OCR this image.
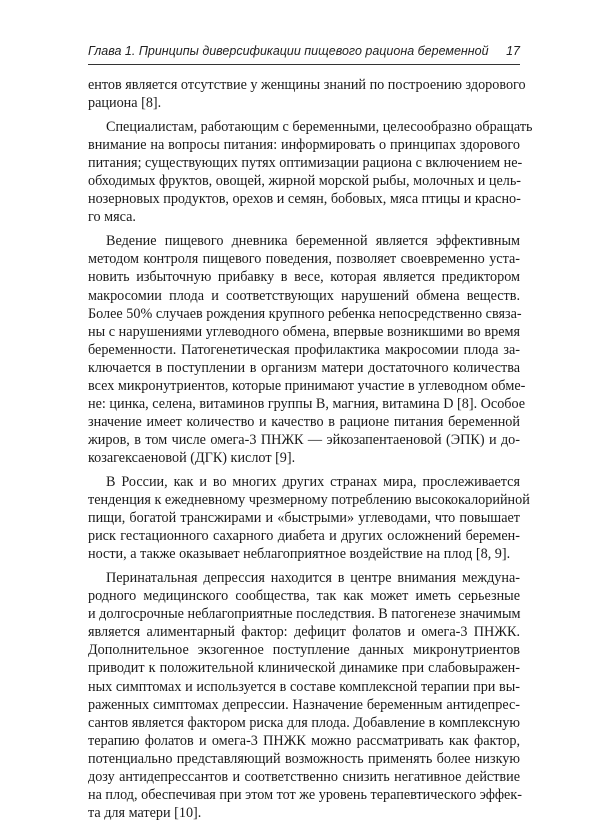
Глава 1. Принципы диверсификации пищевого рациона беременной 17
ентов является отсутствие у женщины знаний по построению здорового
рациона [8].
Специалистам, работающим с беременными, целесообразно обращать
внимание на вопросы питания: информировать о принципах здорового
питания; существующих путях оптимизации рациона с включением не-
обходимых фруктов, овощей, жирной морской рыбы, молочных и цель-
нозерновых продуктов, орехов и семян, бобовых, мяса птицы и красно-
го мяса.
Ведение пищевого дневника беременной является эффективным
методом контроля пищевого поведения, позволяет своевременно уста-
новить избыточную прибавку в весе, которая является предиктором
макросомии плода и соответствующих нарушений обмена веществ.
Более 50% случаев рождения крупного ребенка непосредственно связа-
ны с нарушениями углеводного обмена, впервые возникшими во время
беременности. Патогенетическая профилактика макросомии плода за-
ключается в поступлении в организм матери достаточного количества
всех микронутриентов, которые принимают участие в углеводном обме-
не: цинка, селена, витаминов группы B, магния, витамина D [8]. Особое
значение имеет количество и качество в рационе питания беременной
жиров, в том числе омега-3 ПНЖК — эйкозапентаеновой (ЭПК) и до-
козагексаеновой (ДГК) кислот [9].
В России, как и во многих других странах мира, прослеживается
тенденция к ежедневному чрезмерному потреблению высококалорийной
пищи, богатой трансжирами и «быстрыми» углеводами, что повышает
риск гестационного сахарного диабета и других осложнений беремен-
ности, а также оказывает неблагоприятное воздействие на плод [8, 9].
Перинатальная депрессия находится в центре внимания междуна-
родного медицинского сообщества, так как может иметь серьезные
и долгосрочные неблагоприятные последствия. В патогенезе значимым
является алиментарный фактор: дефицит фолатов и омега-3 ПНЖК.
Дополнительное экзогенное поступление данных микронутриентов
приводит к положительной клинической динамике при слабовыражен-
ных симптомах и используется в составе комплексной терапии при вы-
раженных симптомах депрессии. Назначение беременным антидепрес-
сантов является фактором риска для плода. Добавление в комплексную
терапию фолатов и омега-3 ПНЖК можно рассматривать как фактор,
потенциально представляющий возможность применять более низкую
дозу антидепрессантов и соответственно снизить негативное действие
на плод, обеспечивая при этом тот же уровень терапевтического эффек-
та для матери [10].
